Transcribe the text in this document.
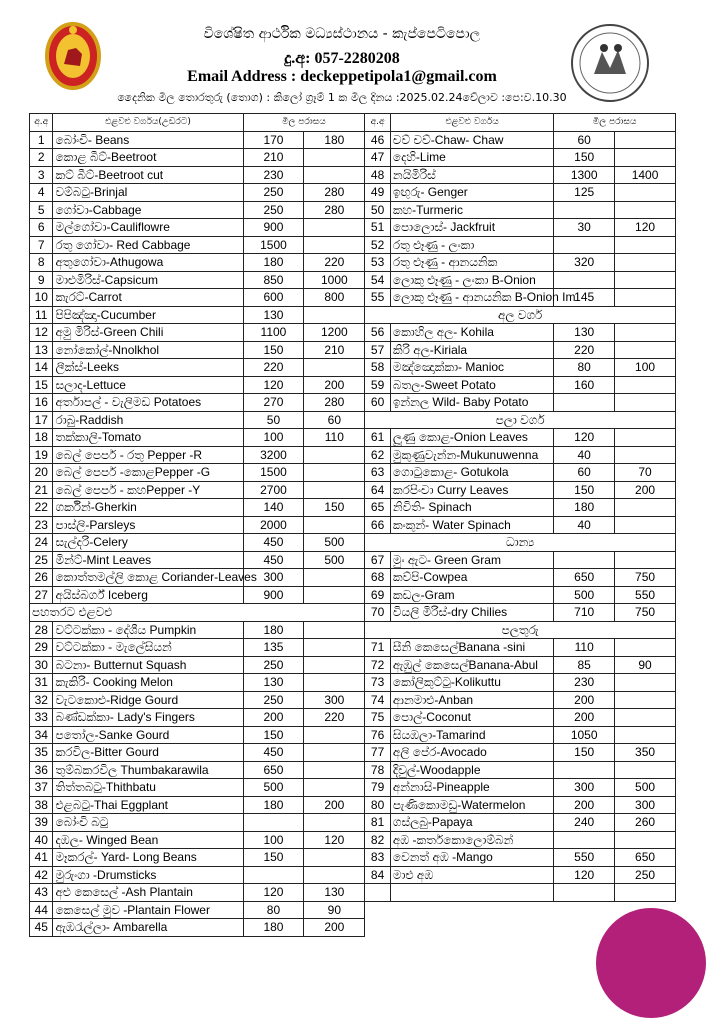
විශේෂිත ආර්ථික මධ්‍යස්ථානය - කැප්පෙටිපොල
දු.අ: 057-2280208
Email Address : deckeppetipola1@gmail.com
දෛනික මිල තොරතුරු (තොග) : කිලෝ ග්‍රෑම් 1 ක මිල දිනය :2025.02.24වේලාව :පෙ:ව.10.30
අ.අ	එළවළු වර්ගය(උඩරට)	මිල පරාසය		අ.අ	එළවළු වර්ගය	මිල පරාසය	
1	බෝංචි- Beans	170	180	46	චව් චව්-Chaw- Chaw	60	
2	කොළ බීට්-Beetroot	210		47	දෙහි-Lime	150	
3	කට් බීට්-Beetroot cut	230		48	නයිමිරිස්	1300	1400
4	වම්බටු-Brinjal	250	280	49	ඉඟුරු- Genger	125	
5	ගෝවා-Cabbage	250	280	50	කහ-Turmeric		
6	මල්ගෝවා-Cauliflowre	900		51	පොලොස්- Jackfruit	30	120
7	රතු ගෝවා- Red Cabbage	1500		52	රතු ළූණු - ලංකා		
8	අතුගෝවා-Athugowa	180	220	53	රතු ළූණු - ආනයනික	320	
9	මාළුමිරිස්-Capsicum	850	1000	54	ලොකු ළූණු - ලංකා B-Onion		
10	කැරට්-Carrot	600	800	55	ලොකු ළූණු - ආනයනික B-Onion Im	145	
11	පිපිඤ්ඤා-Cucumber	130		අල වර්ග			
12	අමු මිරිස්-Green Chili	1100	1200	56	කොහිල අල- Kohila	130	
13	නෝකෝල්-Nnolkhol	150	210	57	කිරි අල-Kiriala	220	
14	ලීක්ස්-Leeks	220		58	මඤ්ඤොක්කා- Manioc	80	100
15	සලාද-Lettuce	120	200	59	බතල-Sweet Potato	160	
16	අර්තාපල් - වැලිමඩ Potatoes	270	280	60	ඉන්නල Wild- Baby Potato		
17	රාබු-Raddish	50	60	පලා වර්ග			
18	තක්කාලි-Tomato	100	110	61	ලූණු කොළ-Onion Leaves	120	
19	බෙල් පෙපර් - රතු Pepper -R	3200		62	මුකුණුවැන්න-Mukunuwenna	40	
20	බෙල් පෙපර් -කොළPepper -G	1500		63	ගොටුකොළ- Gotukola	60	70
21	බෙල් පෙපර් - කහPepper -Y	2700		64	කරපිංචා Curry Leaves	150	200
22	ගර්කින්-Gherkin	140	150	65	නිවිති- Spinach	180	
23	පාස්ලි-Parsleys	2000		66	කංකුන්- Water Spinach	40	
24	සැල්දරි-Celery	450	500	ධාන්‍ය			
25	මින්ට්-Mint Leaves	450	500	67	මුං ඇට- Green Gram		
26	කොත්තමල්ලි කොළ Coriander-Leaves	300		68	කව්පි-Cowpea	650	750
27	අයිස්බර්ග් Iceberg	900		69	කඩල-Gram	500	550
පහතරට එළවළු				70	වියලි මිරිස්-dry Chilies	710	750
28	වට්ටක්කා - දේශීය Pumpkin	180		පලතුරු			
29	වට්ටක්කා - මැලේසියන්	135		71	සීනි කෙසෙල්Banana -sini	110	
30	බටනා- Butternut Squash	250		72	ඇඹුල් කෙසෙල්Banana-Abul	85	90
31	කැකිරි- Cooking Melon	130		73	කෝලිකුට්ටු-Kolikuttu	230	
32	වැටකොළු-Ridge Gourd	250	300	74	ආනමාළු-Anban	200	
33	බණ්ඩක්කා- Lady's Fingers	200	220	75	පොල්-Coconut	200	
34	පතෝල-Sanke Gourd	150		76	සියඹලා-Tamarind	1050	
35	කරවිල-Bitter Gourd	450		77	අලි පේර-Avocado	150	350
36	තුම්බකරවිල Thumbakarawila	650		78	දිවුල්-Woodapple		
37	තිත්තබටු-Thithbatu	500		79	අන්නාසි-Pineapple	300	500
38	එළබටු-Thai Eggplant	180	200	80	පැණිකොමඩු-Watermelon	200	300
39	බෝංචි බටු			81	ගස්ලබු-Papaya	240	260
40	දඹල- Winged Bean	100	120	82	අඹ -කර්තකොලොම්බන්		
41	මෑකරල්- Yard- Long Beans	150		83	වෙනත් අඹ -Mango	550	650
42	මුරුංගා -Drumsticks			84	මාළු අඹ	120	250
43	අළු කෙසෙල් -Ash Plantain	120	130				
44	කෙසෙල් මුව -Plantain Flower	80	90				
45	ඇඹරැල්ලා- Ambarella	180	200				
